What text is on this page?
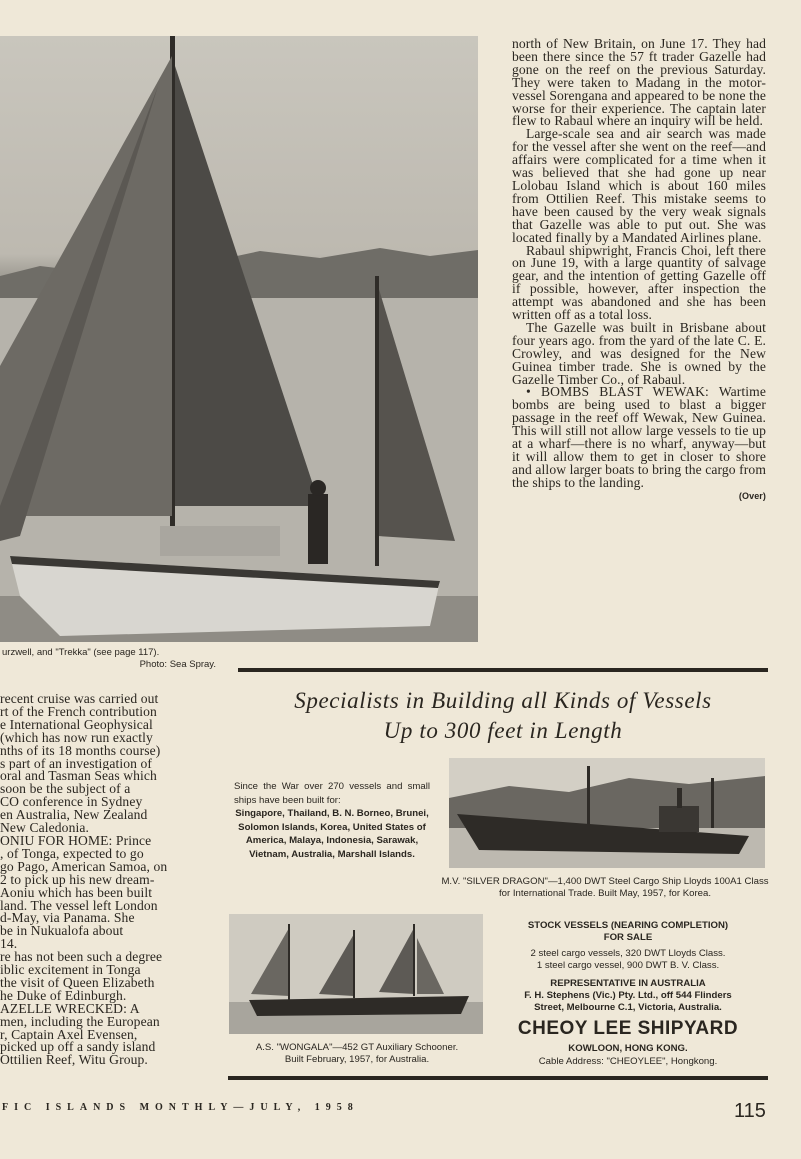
urzwell, and "Trekka" (see page 117).
Photo: Sea Spray.

north of New Britain, on June 17. They had been there since the 57 ft trader Gazelle had gone on the reef on the previous Saturday. They were taken to Madang in the motor-vessel Sorengana and appeared to be none the worse for their experience. The captain later flew to Rabaul where an inquiry will be held.

Large-scale sea and air search was made for the vessel after she went on the reef—and affairs were complicated for a time when it was believed that she had gone up near Lolobau Island which is about 160 miles from Ottilien Reef. This mistake seems to have been caused by the very weak signals that Gazelle was able to put out. She was located finally by a Mandated Airlines plane.

Rabaul shipwright, Francis Choi, left there on June 19, with a large quantity of salvage gear, and the intention of getting Gazelle off if possible, however, after inspection the attempt was abandoned and she has been written off as a total loss.

The Gazelle was built in Brisbane about four years ago. from the yard of the late C. E. Crowley, and was designed for the New Guinea timber trade. She is owned by the Gazelle Timber Co., of Rabaul.

• BOMBS BLAST WEWAK: Wartime bombs are being used to blast a bigger passage in the reef off Wewak, New Guinea. This will still not allow large vessels to tie up at a wharf—there is no wharf, anyway—but it will allow them to get in closer to shore and allow larger boats to bring the cargo from the ships to the landing.

(Over)
recent cruise was carried out
rt of the French contribution
e International Geophysical
(which has now run exactly
nths of its 18 months course)
s part of an investigation of
oral and Tasman Seas which
soon be the subject of a
CO conference in Sydney
en Australia, New Zealand
New Caledonia.
ONIU FOR HOME: Prince
, of Tonga, expected to go
go Pago, American Samoa, on
2 to pick up his new dream-
Aoniu which has been built
land. The vessel left London
d-May, via Panama. She
be in Nukualofa about
14.
re has not been such a degree
iblic excitement in Tonga
the visit of Queen Elizabeth
he Duke of Edinburgh.
AZELLE WRECKED: A
men, including the European
r, Captain Axel Evensen,
picked up off a sandy island
Ottilien Reef, Witu Group.
Specialists in Building all Kinds of Vessels
Up to 300 feet in Length
Since the War over 270 vessels and small ships have been built for:
Singapore, Thailand, B. N. Borneo, Brunei, Solomon Islands, Korea, United States of America, Malaya, Indonesia, Sarawak, Vietnam, Australia, Marshall Islands.
M.V. "SILVER DRAGON"—1,400 DWT Steel Cargo Ship Lloyds 100A1 Class for International Trade. Built May, 1957, for Korea.
STOCK VESSELS (NEARING COMPLETION)
FOR SALE
2 steel cargo vessels, 320 DWT Lloyds Class.
1 steel cargo vessel, 900 DWT B. V. Class.
REPRESENTATIVE IN AUSTRALIA
F. H. Stephens (Vic.) Pty. Ltd., off 544 Flinders
Street, Melbourne C.1, Victoria, Australia.
CHEOY LEE SHIPYARD
KOWLOON, HONG KONG.
Cable Address: "CHEOYLEE", Hongkong.
A.S. "WONGALA"—452 GT Auxiliary Schooner.
Built February, 1957, for Australia.
FIC ISLANDS MONTHLY—JULY, 1958	115
